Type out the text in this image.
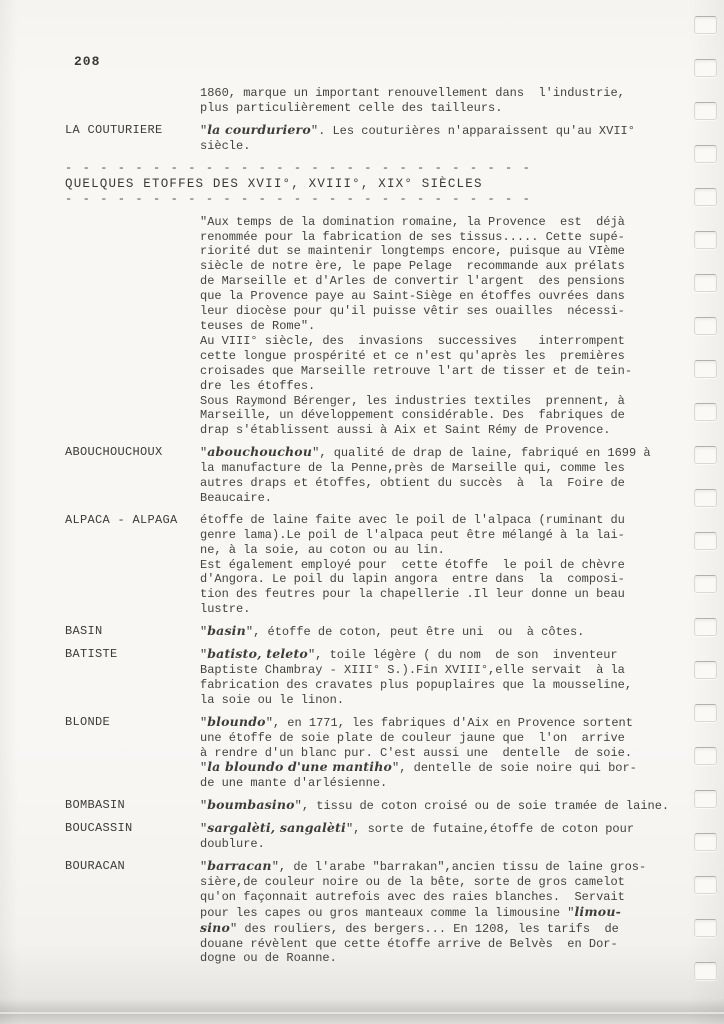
208
1860, marque un important renouvellement dans  l'industrie,
plus particulièrement celle des tailleurs.
LA COUTURIERE	"la courduriero". Les couturières n'apparaissent qu'au XVII°
siècle.
- - - - - - - - - - - - - - - - - - - - - - - - - - -
QUELQUES ETOFFES DES XVII°, XVIII°, XIX° SIÈCLES
- - - - - - - - - - - - - - - - - - - - - - - - - - -
"Aux temps de la domination romaine, la Provence  est  déjà
renommée pour la fabrication de ses tissus..... Cette supé-
riorité dut se maintenir longtemps encore, puisque au VIème
siècle de notre ère, le pape Pelage  recommande aux prélats
de Marseille et d'Arles de convertir l'argent  des pensions
que la Provence paye au Saint-Siège en étoffes ouvrées dans
leur diocèse pour qu'il puisse vêtir ses ouailles  nécessi-
teuses de Rome".
Au VIII° siècle, des  invasions  successives   interrompent
cette longue prospérité et ce n'est qu'après les  premières
croisades que Marseille retrouve l'art de tisser et de tein-
dre les étoffes.
Sous Raymond Bérenger, les industries textiles  prennent, à
Marseille, un développement considérable. Des  fabriques de
drap s'établissent aussi à Aix et Saint Rémy de Provence.
ABOUCHOUCHOUX	"abouchouchou", qualité de drap de laine, fabriqué en 1699 à
la manufacture de la Penne,près de Marseille qui, comme les
autres draps et étoffes, obtient du succès  à  la  Foire de
Beaucaire.
ALPACA - ALPAGA	étoffe de laine faite avec le poil de l'alpaca (ruminant du
genre lama).Le poil de l'alpaca peut être mélangé à la lai-
ne, à la soie, au coton ou au lin.
Est également employé pour  cette étoffe  le poil de chèvre
d'Angora. Le poil du lapin angora  entre dans  la  composi-
tion des feutres pour la chapellerie .Il leur donne un beau
lustre.
BASIN	"basin", étoffe de coton, peut être uni  ou  à côtes.
BATISTE	"batisto, teleto", toile légère ( du nom  de son  inventeur
Baptiste Chambray - XIII° S.).Fin XVIII°,elle servait  à la
fabrication des cravates plus popuplaires que la mousseline,
la soie ou le linon.
BLONDE	"bloundo", en 1771, les fabriques d'Aix en Provence sortent
une étoffe de soie plate de couleur jaune que  l'on  arrive
à rendre d'un blanc pur. C'est aussi une  dentelle  de soie.
"la bloundo d'une mantiho", dentelle de soie noire qui bor-
de une mante d'arlésienne.
BOMBASIN	"boumbasino", tissu de coton croisé ou de soie tramée de laine.
BOUCASSIN	"sargalèti, sangalèti", sorte de futaine,étoffe de coton pour
doublure.
BOURACAN	"barracan", de l'arabe "barrakan",ancien tissu de laine gros-
sière,de couleur noire ou de la bête, sorte de gros camelot
qu'on façonnait autrefois avec des raies blanches.  Servait
pour les capes ou gros manteaux comme la limousine "limou-
sino" des rouliers, des bergers... En 1208, les tarifs  de
douane révèlent que cette étoffe arrive de Belvès  en Dor-
dogne ou de Roanne.
